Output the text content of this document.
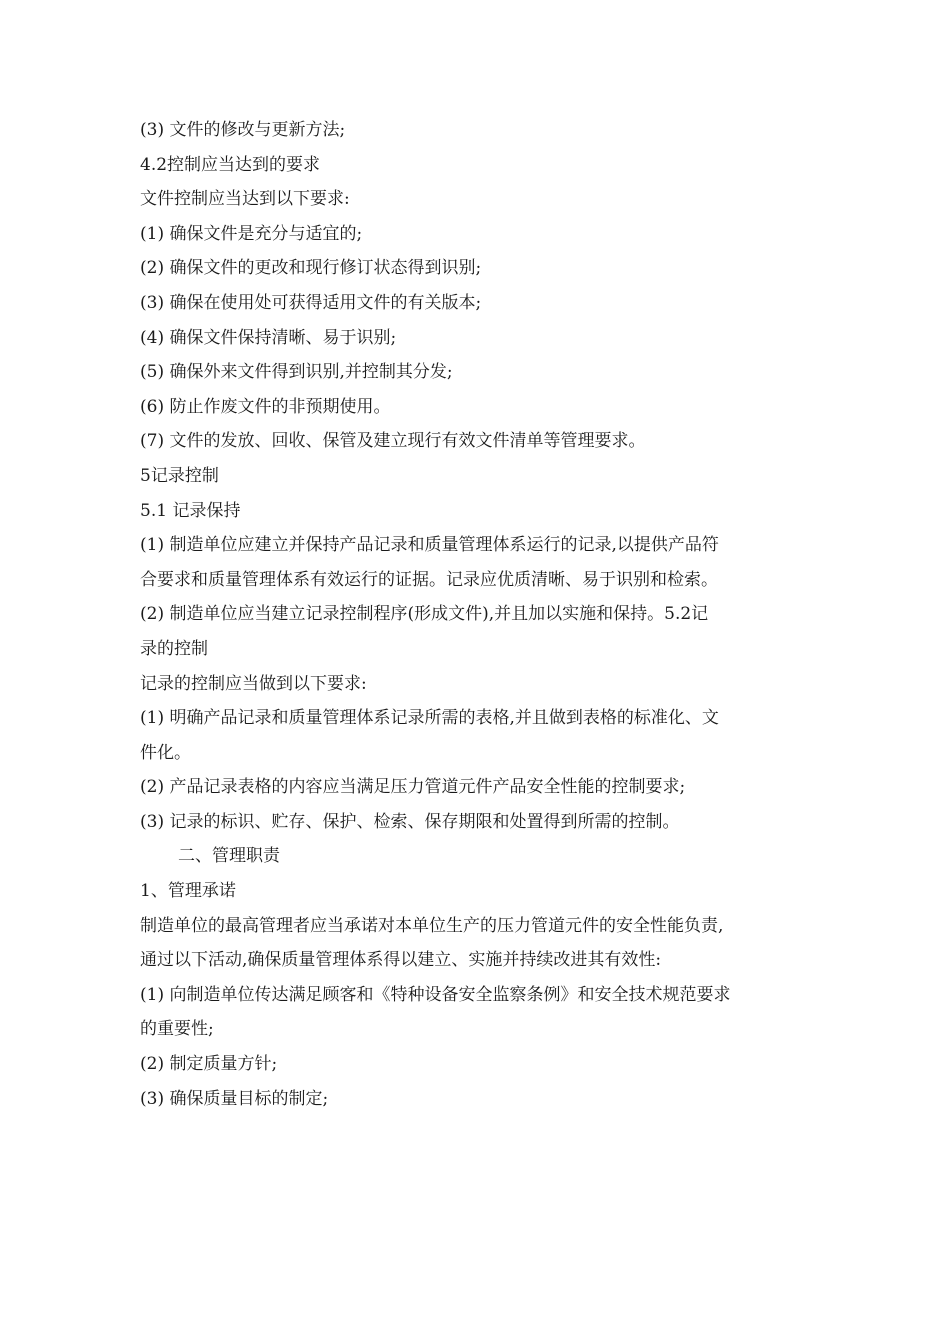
(3) 文件的修改与更新方法;

4.2控制应当达到的要求

文件控制应当达到以下要求:

(1) 确保文件是充分与适宜的;

(2) 确保文件的更改和现行修订状态得到识别;

(3) 确保在使用处可获得适用文件的有关版本;

(4) 确保文件保持清晰、易于识别;

(5) 确保外来文件得到识别,并控制其分发;

(6) 防止作废文件的非预期使用。

(7) 文件的发放、回收、保管及建立现行有效文件清单等管理要求。

5记录控制

5.1 记录保持

(1) 制造单位应建立并保持产品记录和质量管理体系运行的记录,以提供产品符

合要求和质量管理体系有效运行的证据。记录应优质清晰、易于识别和检索。

(2) 制造单位应当建立记录控制程序(形成文件),并且加以实施和保持。5.2记

录的控制

记录的控制应当做到以下要求:

(1) 明确产品记录和质量管理体系记录所需的表格,并且做到表格的标准化、文

件化。

(2) 产品记录表格的内容应当满足压力管道元件产品安全性能的控制要求;

(3) 记录的标识、贮存、保护、检索、保存期限和处置得到所需的控制。

二、管理职责

1、管理承诺

制造单位的最高管理者应当承诺对本单位生产的压力管道元件的安全性能负责,

通过以下活动,确保质量管理体系得以建立、实施并持续改进其有效性:

(1) 向制造单位传达满足顾客和《特种设备安全监察条例》和安全技术规范要求

的重要性;

(2) 制定质量方针;

(3) 确保质量目标的制定;
